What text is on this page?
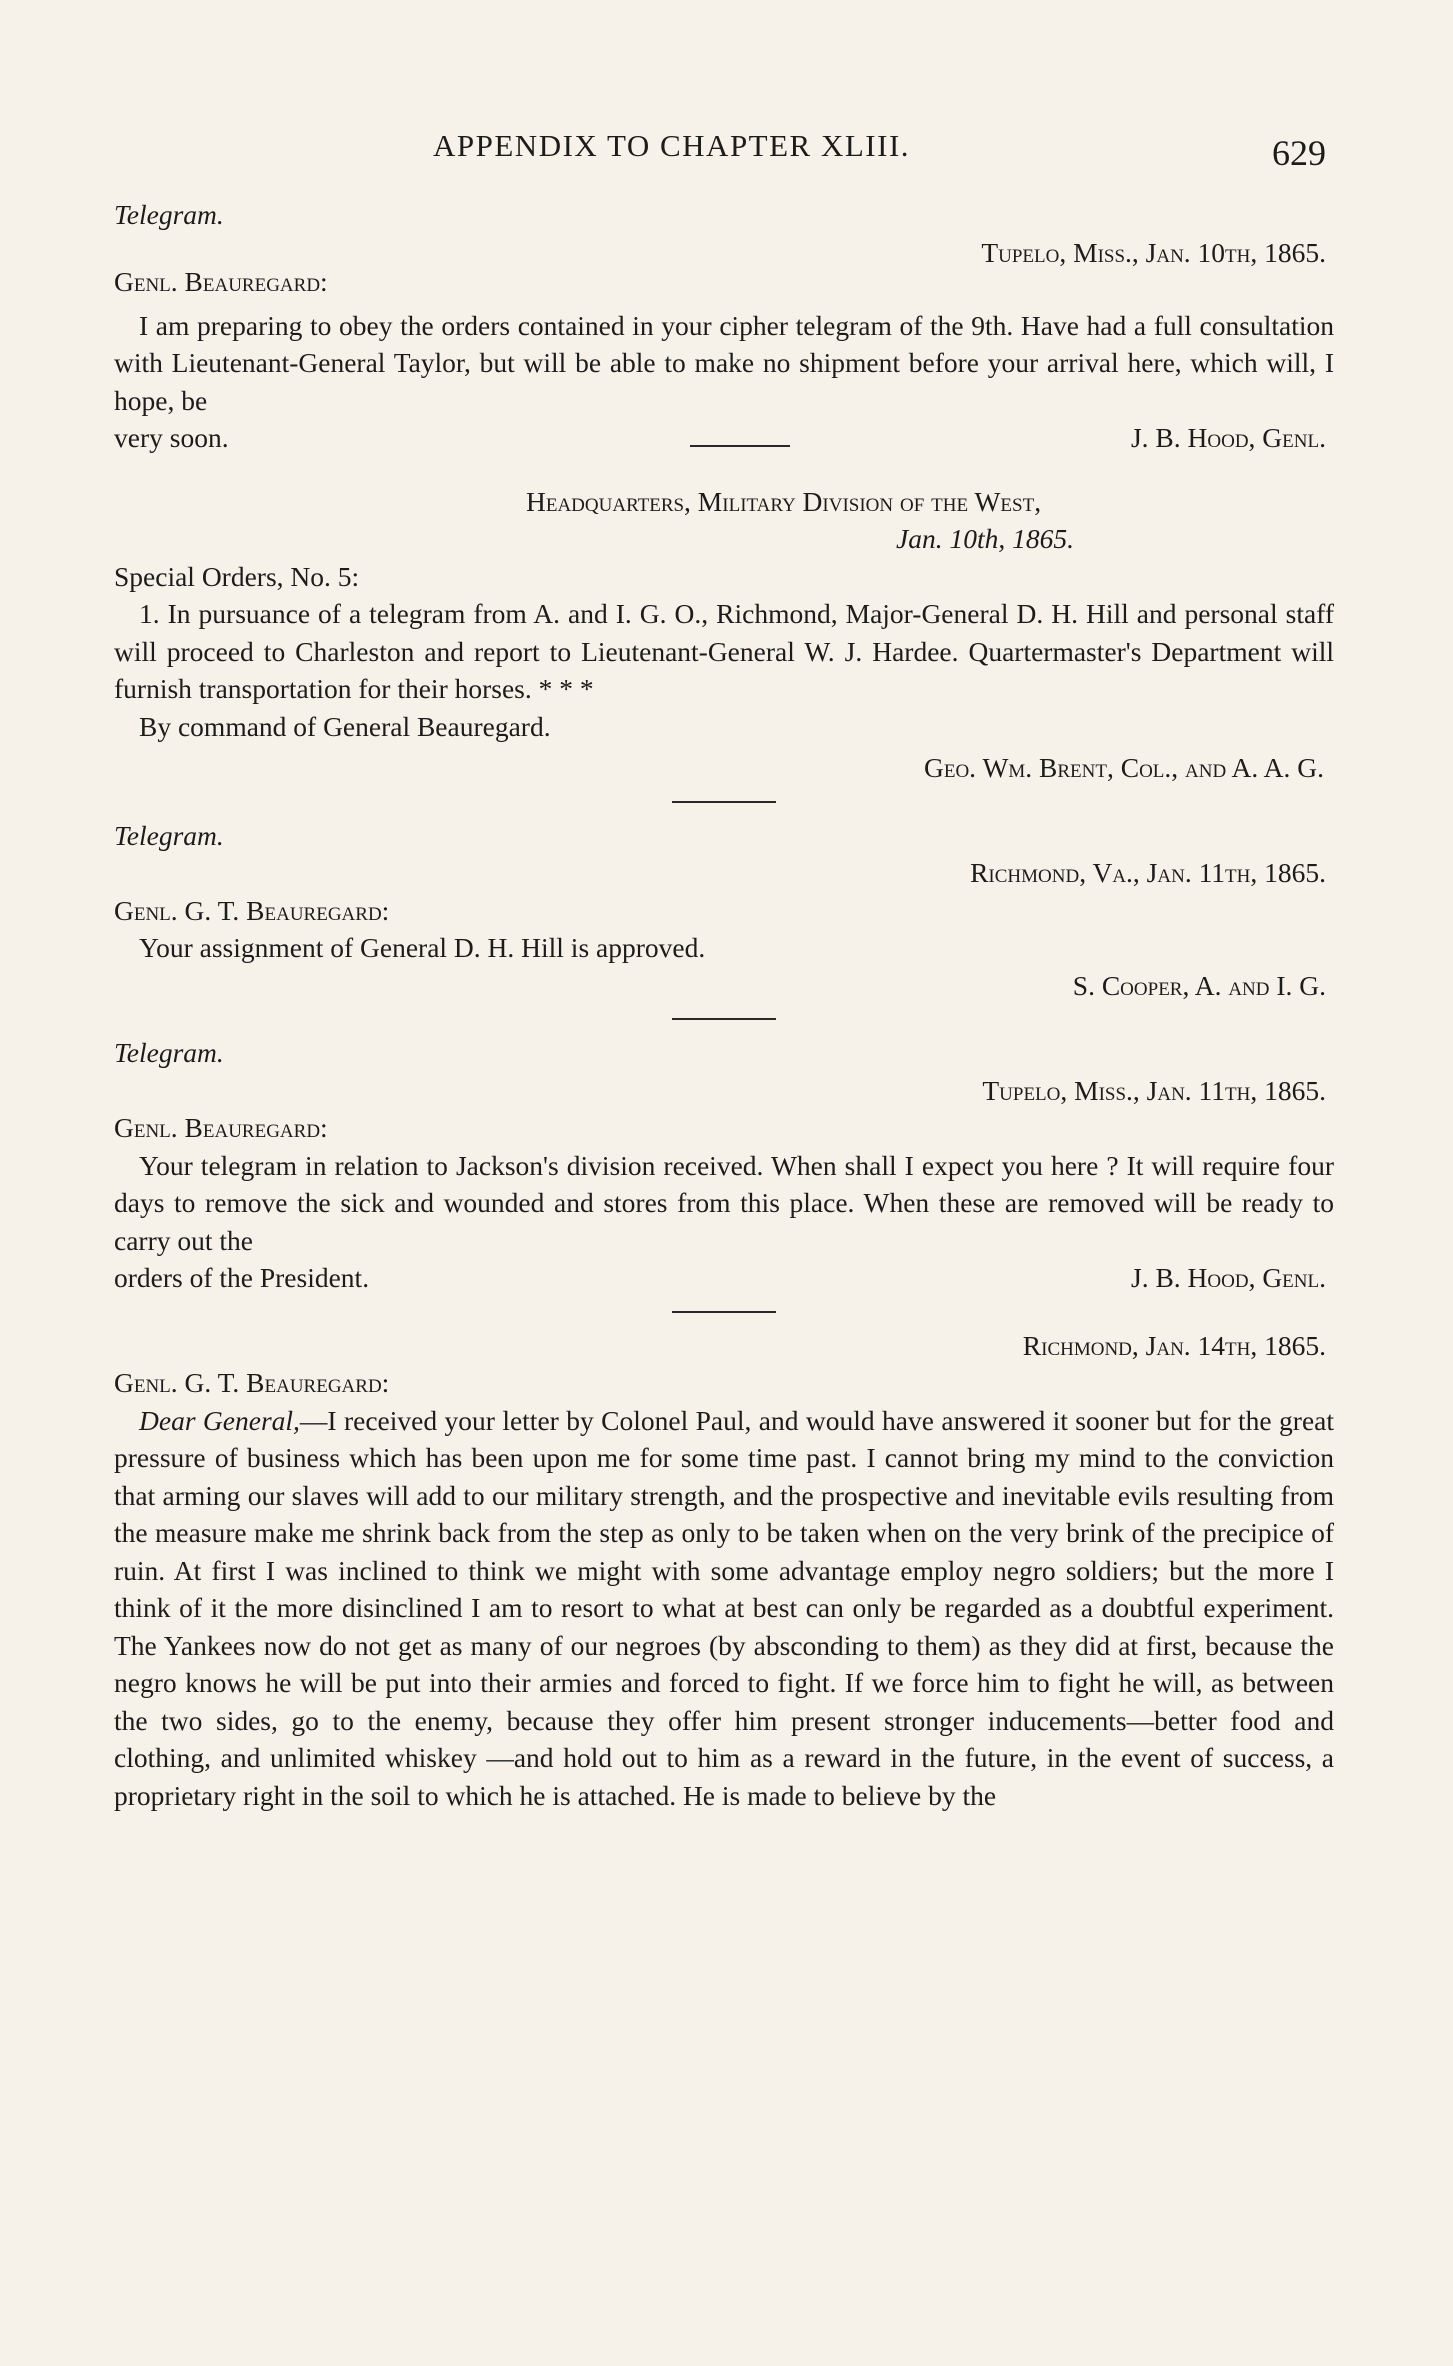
APPENDIX TO CHAPTER XLIII.	629

Telegram.

Tupelo, Miss., Jan. 10th, 1865.

Genl. Beauregard:

I am preparing to obey the orders contained in your cipher telegram of the 9th. Have had a full consultation with Lieutenant-General Taylor, but will be able to make no shipment before your arrival here, which will, I hope, be

very soon.	J. B. Hood, Genl.

Headquarters, Military Division of the West,

Jan. 10th, 1865.

Special Orders, No. 5:

1. In pursuance of a telegram from A. and I. G. O., Richmond, Major-General D. H. Hill and personal staff will proceed to Charleston and report to Lieutenant-General W. J. Hardee. Quartermaster's Department will furnish transportation for their horses. * * *

By command of General Beauregard.

Geo. Wm. Brent, Col., and A. A. G.

Telegram.

Richmond, Va., Jan. 11th, 1865.

Genl. G. T. Beauregard:

Your assignment of General D. H. Hill is approved.

S. Cooper, A. and I. G.

Telegram.

Tupelo, Miss., Jan. 11th, 1865.

Genl. Beauregard:

Your telegram in relation to Jackson's division received. When shall I expect you here ? It will require four days to remove the sick and wounded and stores from this place. When these are removed will be ready to carry out the

orders of the President.	J. B. Hood, Genl.

Richmond, Jan. 14th, 1865.

Genl. G. T. Beauregard:

Dear General,—I received your letter by Colonel Paul, and would have answered it sooner but for the great pressure of business which has been upon me for some time past. I cannot bring my mind to the conviction that arming our slaves will add to our military strength, and the prospective and inevitable evils resulting from the measure make me shrink back from the step as only to be taken when on the very brink of the precipice of ruin. At first I was inclined to think we might with some advantage employ negro soldiers; but the more I think of it the more disinclined I am to resort to what at best can only be regarded as a doubtful experiment. The Yankees now do not get as many of our negroes (by absconding to them) as they did at first, because the negro knows he will be put into their armies and forced to fight. If we force him to fight he will, as between the two sides, go to the enemy, because they offer him present stronger inducements—better food and clothing, and unlimited whiskey —and hold out to him as a reward in the future, in the event of success, a proprietary right in the soil to which he is attached. He is made to believe by the
